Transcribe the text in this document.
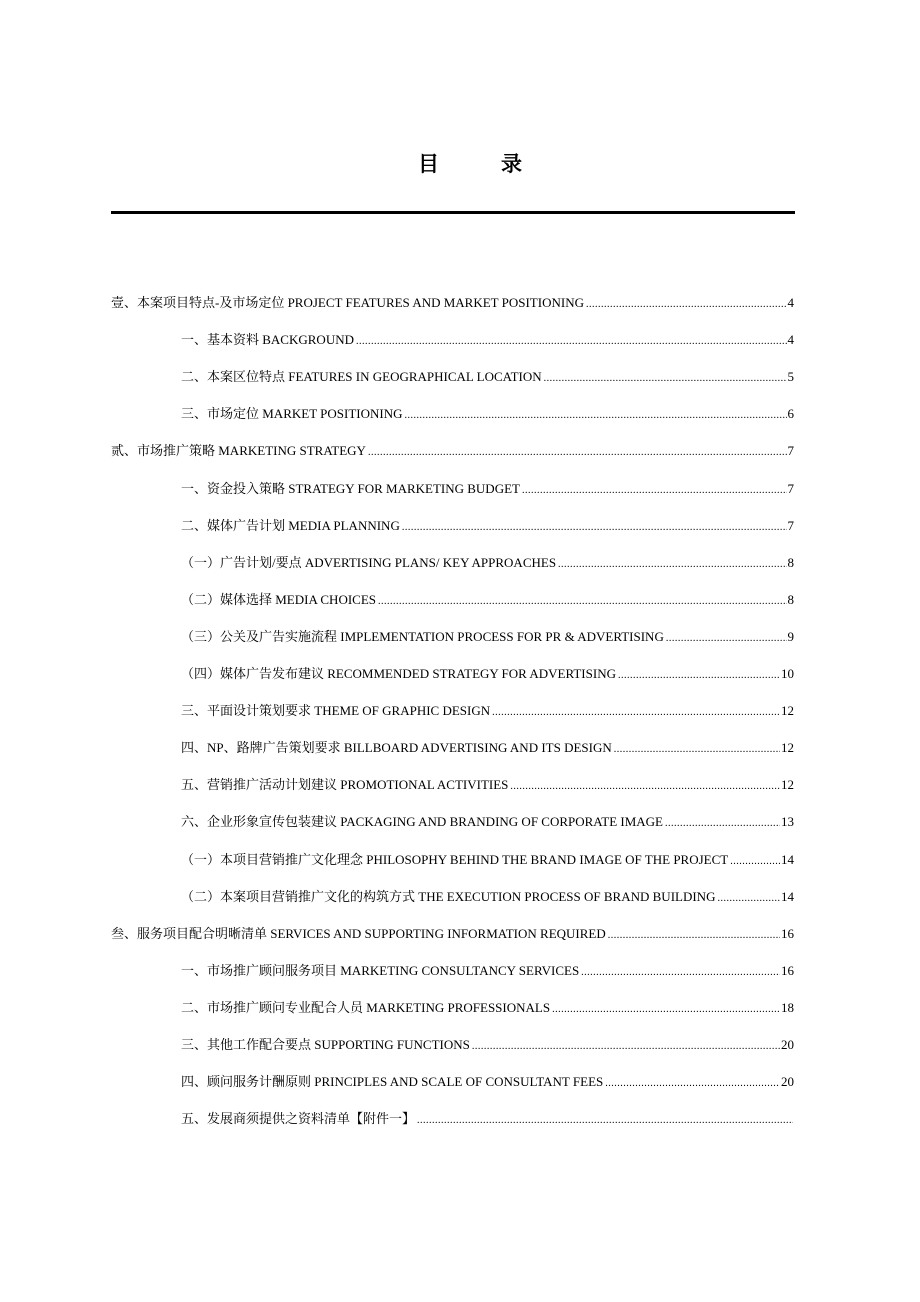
目	录
壹、本案项目特点-及市场定位 PROJECT FEATURES AND MARKET POSITIONING .....	4
一、基本资料 BACKGROUND .....	4
二、本案区位特点 FEATURES IN GEOGRAPHICAL LOCATION .....	5
三、市场定位 MARKET POSITIONING .....	6
贰、市场推广策略 MARKETING STRATEGY .....	7
一、资金投入策略 STRATEGY FOR MARKETING BUDGET .....	7
二、媒体广告计划 MEDIA PLANNING .....	7
（一）广告计划/要点 ADVERTISING PLANS/ KEY APPROACHES .....	8
（二）媒体选择 MEDIA CHOICES .....	8
（三）公关及广告实施流程 IMPLEMENTATION PROCESS FOR PR & ADVERTISING .....	9
（四）媒体广告发布建议 RECOMMENDED STRATEGY FOR ADVERTISING .....	10
三、平面设计策划要求 THEME OF GRAPHIC DESIGN .....	12
四、NP、路牌广告策划要求 BILLBOARD ADVERTISING AND ITS DESIGN .....	12
五、营销推广活动计划建议 PROMOTIONAL ACTIVITIES .....	12
六、企业形象宣传包装建议 PACKAGING AND BRANDING OF CORPORATE IMAGE .....	13
（一）本项目营销推广文化理念 PHILOSOPHY BEHIND THE BRAND IMAGE OF THE PROJECT .....	14
（二）本案项目营销推广文化的构筑方式 THE EXECUTION PROCESS OF BRAND BUILDING .....	14
叁、服务项目配合明晰清单 SERVICES AND SUPPORTING INFORMATION REQUIRED .....	16
一、市场推广顾问服务项目 MARKETING CONSULTANCY SERVICES .....	16
二、市场推广顾问专业配合人员 MARKETING PROFESSIONALS .....	18
三、其他工作配合要点 SUPPORTING FUNCTIONS .....	20
四、顾问服务计酬原则 PRINCIPLES AND SCALE OF CONSULTANT FEES .....	20
五、发展商须提供之资料清单【附件一】
.....
